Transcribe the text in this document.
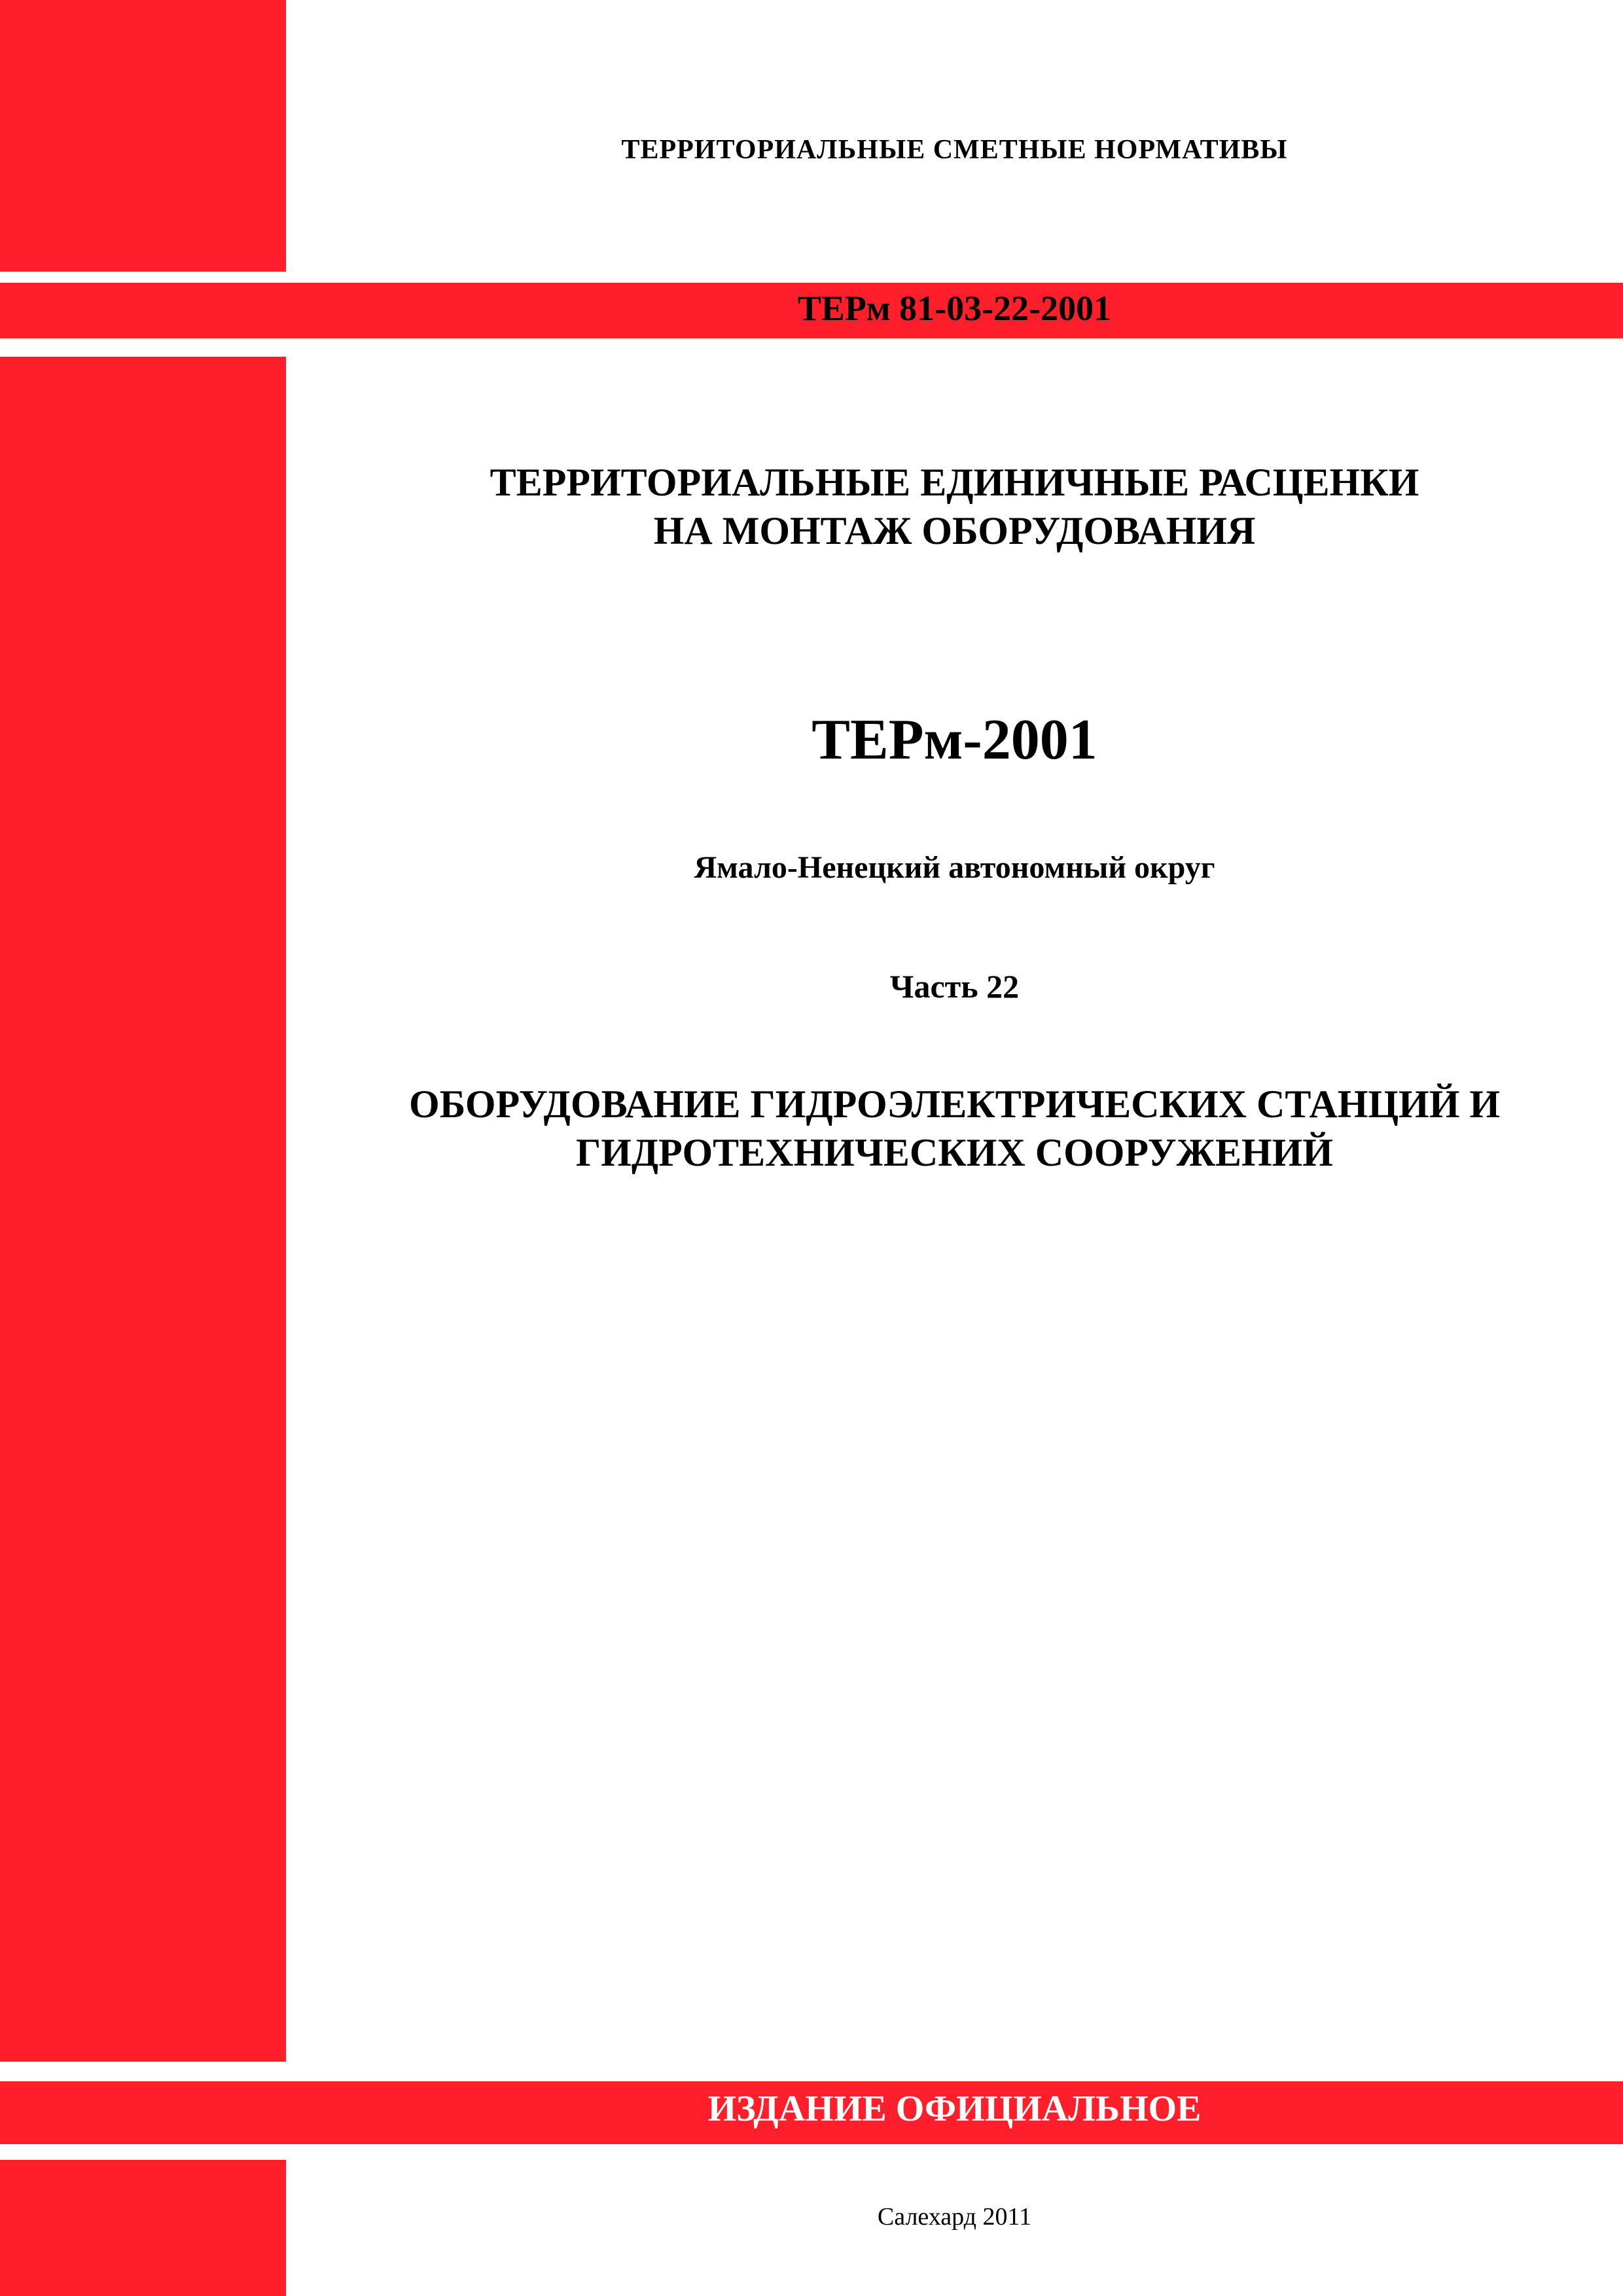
ТЕРРИТОРИАЛЬНЫЕ СМЕТНЫЕ НОРМАТИВЫ

ТЕРм 81-03-22-2001

ТЕРРИТОРИАЛЬНЫЕ ЕДИНИЧНЫЕ РАСЦЕНКИ
НА МОНТАЖ ОБОРУДОВАНИЯ

ТЕРм-2001

Ямало-Ненецкий автономный округ

Часть 22

ОБОРУДОВАНИЕ ГИДРОЭЛЕКТРИЧЕСКИХ СТАНЦИЙ И
ГИДРОТЕХНИЧЕСКИХ СООРУЖЕНИЙ

Салехард 2011

ИЗДАНИЕ ОФИЦИАЛЬНОЕ
